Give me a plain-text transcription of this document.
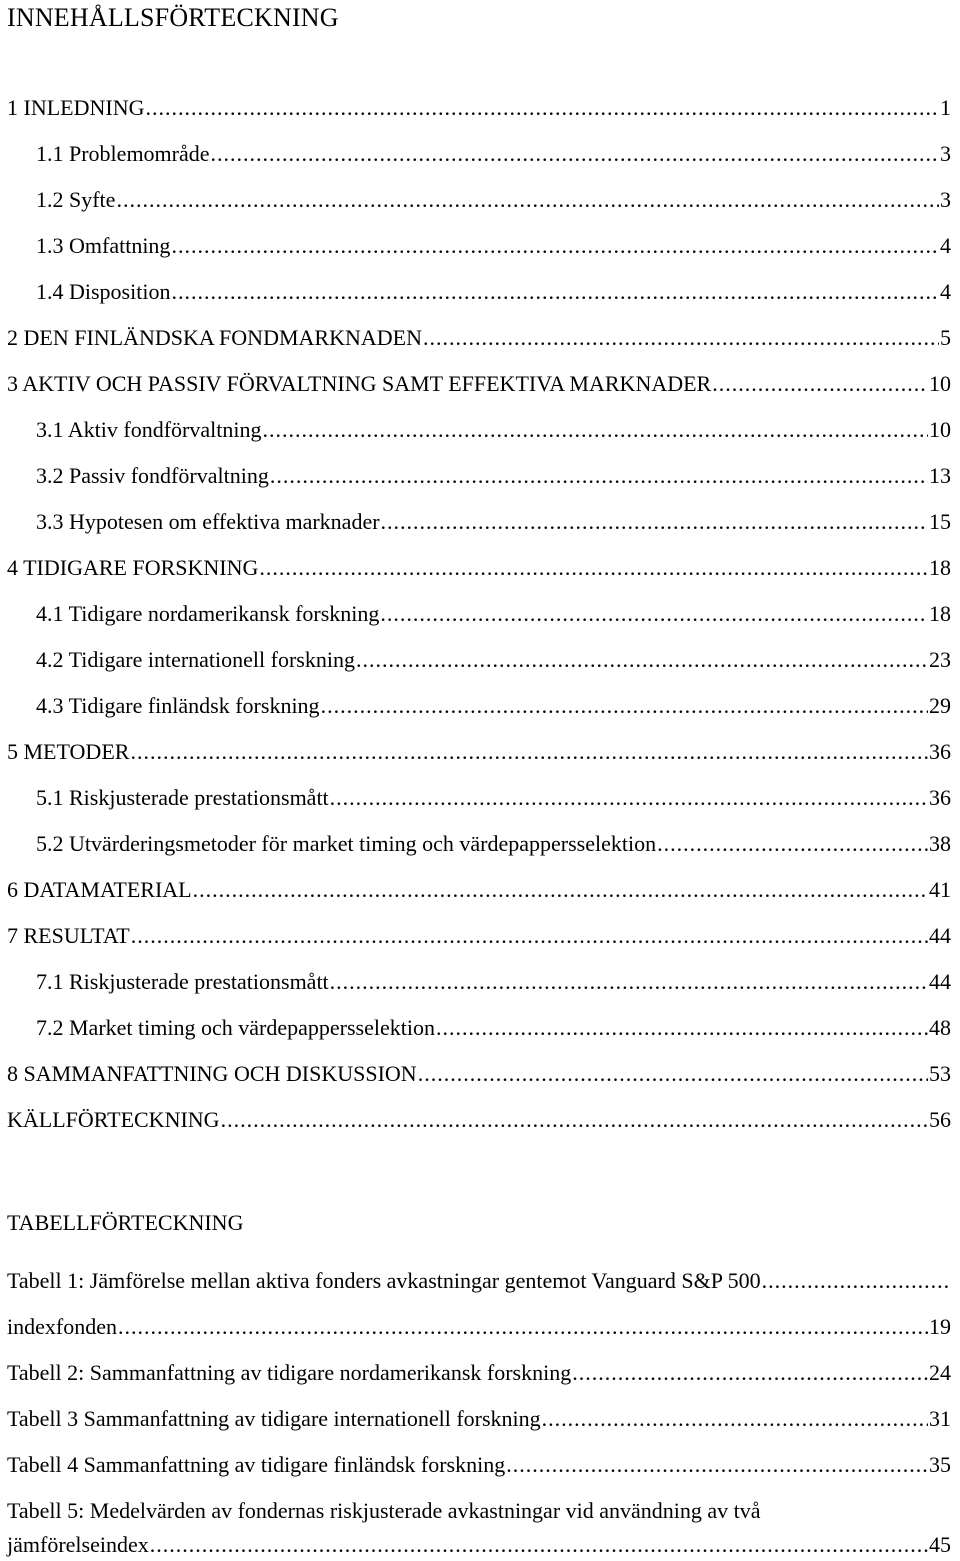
INNEHÅLLSFÖRTECKNING
1 INLEDNING .....	1
1.1 Problemområde .....	3
1.2 Syfte .....	3
1.3 Omfattning .....	4
1.4 Disposition .....	4
2 DEN FINLÄNDSKA FONDMARKNADEN .....	5
3 AKTIV OCH PASSIV FÖRVALTNING SAMT EFFEKTIVA MARKNADER .....	10
3.1 Aktiv fondförvaltning .....	10
3.2 Passiv fondförvaltning .....	13
3.3 Hypotesen om effektiva marknader .....	15
4 TIDIGARE FORSKNING .....	18
4.1 Tidigare nordamerikansk forskning .....	18
4.2 Tidigare internationell forskning .....	23
4.3 Tidigare finländsk forskning .....	29
5 METODER .....	36
5.1 Riskjusterade prestationsmått .....	36
5.2 Utvärderingsmetoder för market timing och värdepappersselektion .....	38
6 DATAMATERIAL .....	41
7 RESULTAT .....	44
7.1 Riskjusterade prestationsmått .....	44
7.2 Market timing och värdepappersselektion .....	48
8 SAMMANFATTNING OCH DISKUSSION .....	53
KÄLLFÖRTECKNING .....	56
TABELLFÖRTECKNING
Tabell 1: Jämförelse mellan aktiva fonders avkastningar gentemot Vanguard S&P 500
.....
indexfonden .....	19
Tabell 2: Sammanfattning av tidigare nordamerikansk forskning .....	24
Tabell 3 Sammanfattning av tidigare internationell forskning .....	31
Tabell 4 Sammanfattning av tidigare finländsk forskning .....	35
Tabell 5: Medelvärden av fondernas riskjusterade avkastningar vid användning av två
jämförelseindex .....	45
